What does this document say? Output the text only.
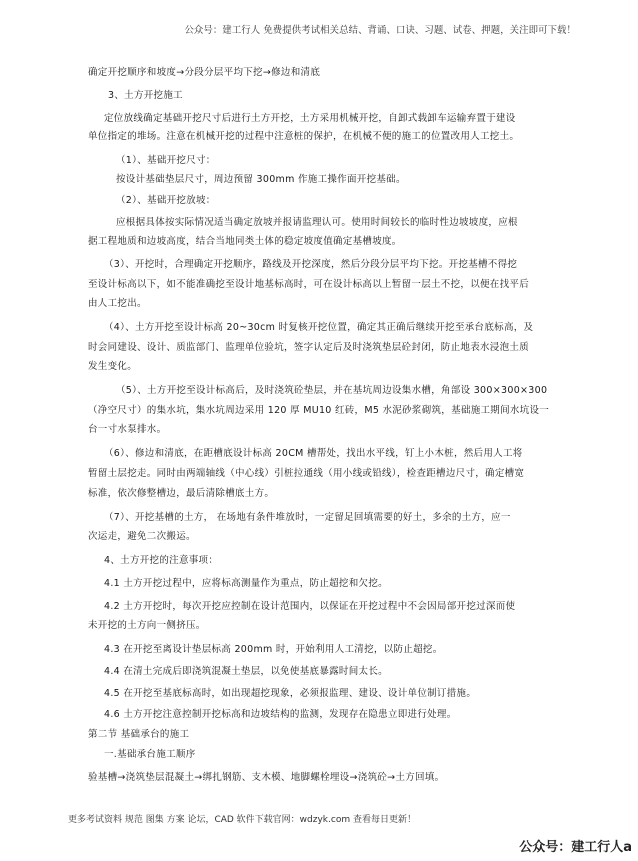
公众号：建工行人 免费提供考试相关总结、背诵、口诀、习题、试卷、押题，关注即可下载！
确定开挖顺序和坡度→分段分层平均下挖→修边和清底
3、土方开挖施工
定位放线确定基础开挖尺寸后进行土方开挖，土方采用机械开挖，自卸式载卸车运输弃置于建设
单位指定的堆场。注意在机械开挖的过程中注意桩的保护，在机械不便的施工的位置改用人工挖土。
（1）、基础开挖尺寸：
按设计基础垫层尺寸，周边预留 300mm 作施工操作面开挖基础。
（2）、基础开挖放坡：
应根据具体按实际情况适当确定放坡并报请监理认可。使用时间较长的临时性边坡坡度，应根
据工程地质和边坡高度，结合当地同类土体的稳定坡度值确定基槽坡度。
（3）、开挖时，合理确定开挖顺序，路线及开挖深度，然后分段分层平均下挖。开挖基槽不得挖
至设计标高以下，如不能准确挖至设计地基标高时，可在设计标高以上暂留一层土不挖，以便在找平后
由人工挖出。
（4）、土方开挖至设计标高 20~30cm 时复核开挖位置，确定其正确后继续开挖至承台底标高，及
时会同建设、设计、质监部门、监理单位验坑，签字认定后及时浇筑垫层砼封闭，防止地表水浸泡土质
发生变化。
（5）、土方开挖至设计标高后，及时浇筑砼垫层，并在基坑周边设集水槽，角部设 300×300×300
（净空尺寸）的集水坑，集水坑周边采用 120 厚 MU10 红砖，M5 水泥砂浆砌筑，基础施工期间水坑设一
台一寸水泵排水。
（6）、修边和清底，在距槽底设计标高 20CM 槽帮处，找出水平线，钉上小木桩，然后用人工将
暂留土层挖走。同时由两端轴线（中心线）引桩拉通线（用小线或铅线），检查距槽边尺寸，确定槽宽
标准，依次修整槽边，最后清除槽底土方。
（7）、开挖基槽的土方， 在场地有条件堆放时，一定留足回填需要的好土，多余的土方，应一
次运走，避免二次搬运。
4、土方开挖的注意事项：
4.1 土方开挖过程中，应将标高测量作为重点，防止超挖和欠挖。
4.2 土方开挖时，每次开挖应控制在设计范围内，以保证在开挖过程中不会因局部开挖过深而使
未开挖的土方向一侧挤压。
4.3 在开挖至离设计垫层标高 200mm 时，开始利用人工清挖，以防止超挖。
4.4 在清土完成后即浇筑混凝土垫层，以免使基底暴露时间太长。
4.5 在开挖至基底标高时，如出现超挖现象，必须报监理、建设、设计单位制订措施。
4.6 土方开挖注意控制开挖标高和边坡结构的监测，发现存在隐患立即进行处理。
第二节 基础承台的施工
一.基础承台施工顺序
验基槽→浇筑垫层混凝土→绑扎钢筋、支木模、地脚螺栓埋设→浇筑砼→土方回填。
更多考试资料 规范 图集 方案 论坛，CAD 软件下载官网：wdzyk.com 查看每日更新！
公众号：建工行人a
